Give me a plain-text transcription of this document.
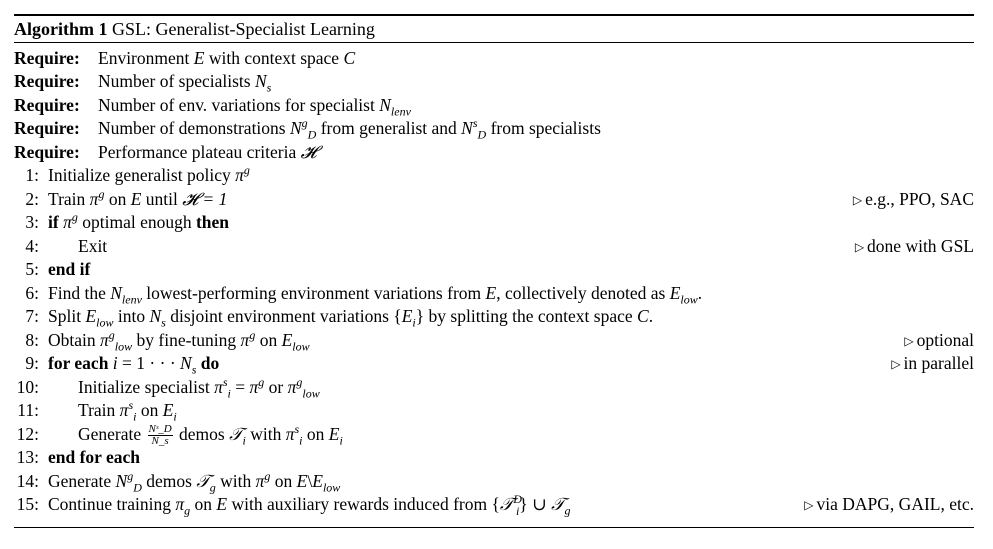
Algorithm 1 GSL: Generalist-Specialist Learning
Require: Environment E with context space C
Require: Number of specialists $N_s$
Require: Number of env. variations for specialist $N_{lenv}$
Require: Number of demonstrations $N^g_D$ from generalist and $N^s_D$ from specialists
Require: Performance plateau criteria 𝓗
1: Initialize generalist policy $\pi^g$
2: Train $\pi^g$ on E until 𝓗 = 1	▷ e.g., PPO, SAC
3: if $\pi^g$ optimal enough then
4: Exit	▷ done with GSL
5: end if
6: Find the $N_{lenv}$ lowest-performing environment variations from E, collectively denoted as $E_{low}$.
7: Split $E_{low}$ into $N_s$ disjoint environment variations $\{E_i\}$ by splitting the context space C.
8: Obtain $\pi^g_{low}$ by fine-tuning $\pi^g$ on $E_{low}$	▷ optional
9: for each i = 1 · · · $N_s$ do	▷ in parallel
10: Initialize specialist $\pi^s_i = \pi^g$ or $\pi^g_{low}$
11: Train $\pi^s_i$ on $E_i$
12: Generate $\frac{\text{Nˢ\_D}}{N\_s}$ demos 𝒯$_i$ with $\pi^s_i$ on $E_i$
13: end for each
14: Generate $N^g_D$ demos 𝒯$_g$ with $\pi^g$ on $E\backslash E_{low}$
15: Continue training $\pi_g$ on E with auxiliary rewards induced from {𝒯$^D_i$} ∪ 𝒯$_g$	▷ via DAPG, GAIL, etc.
